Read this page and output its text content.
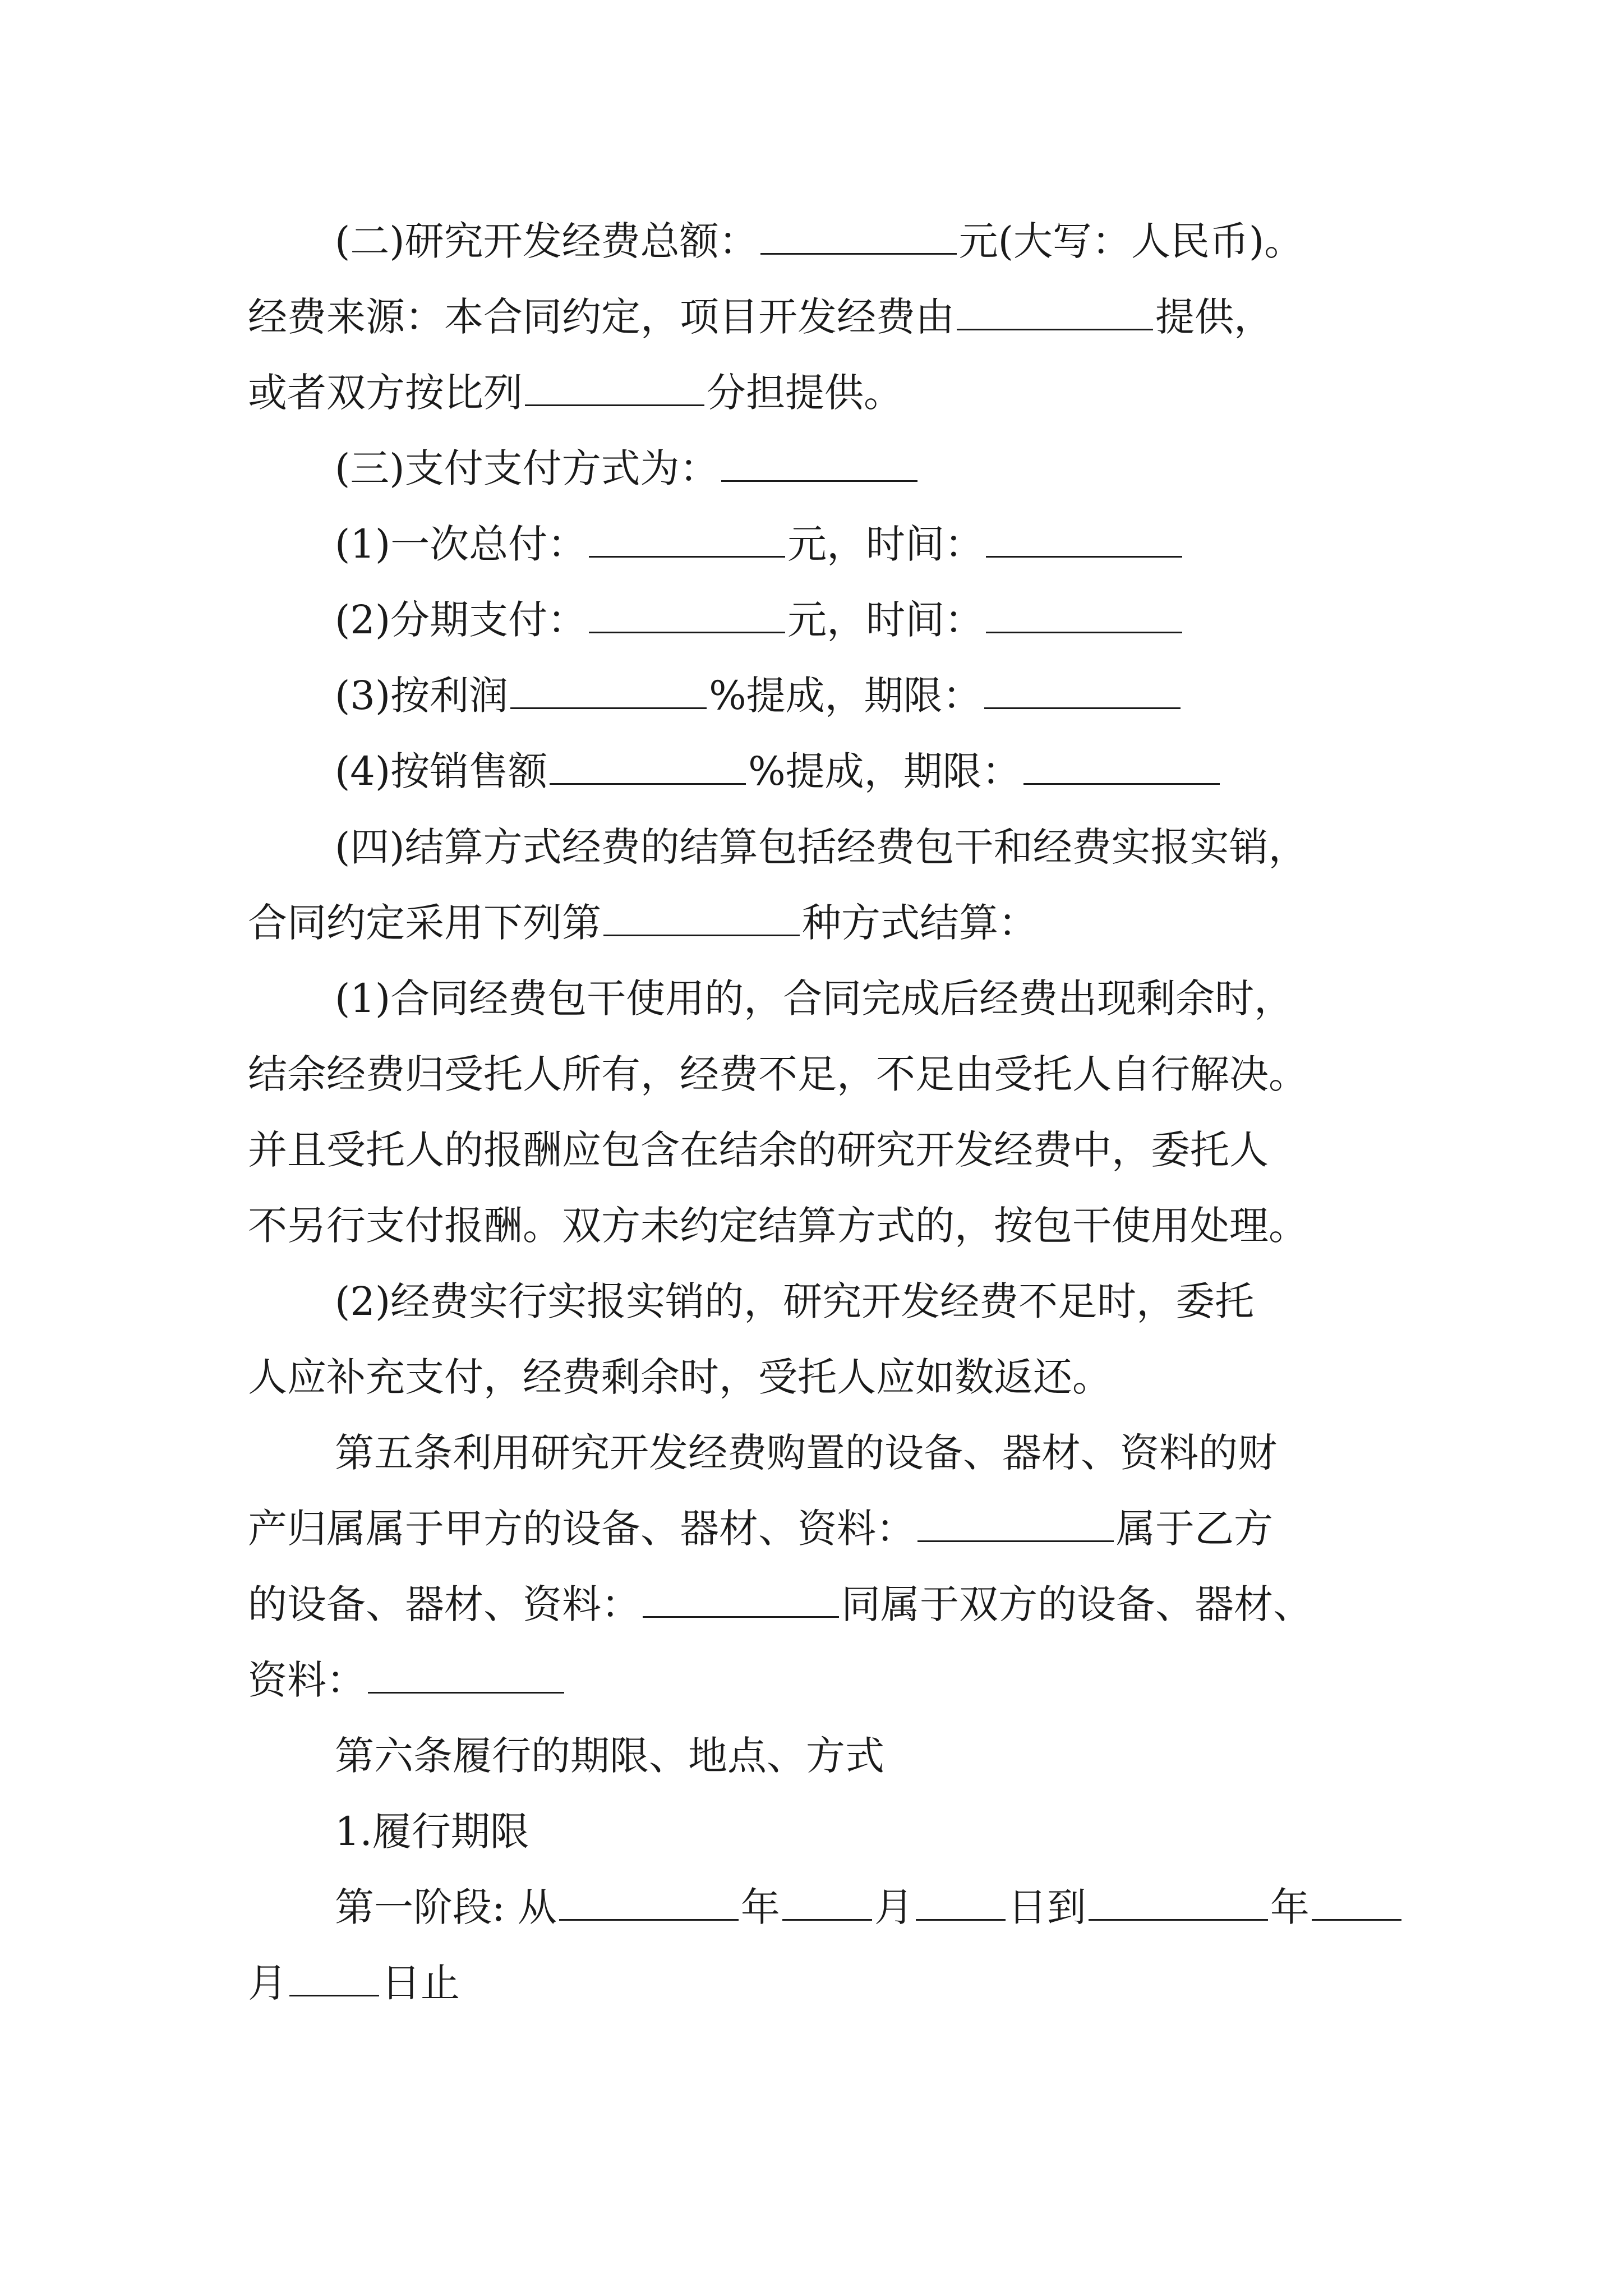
(二)研究开发经费总额：	元(大写：人民币)。
经费来源：本合同约定，项目开发经费由	提供，
或者双方按比列	分担提供。
(三)支付支付方式为：
(1)一次总付：	元，时间：
(2)分期支付：	元，时间：
(3)按利润	%提成，期限：
(4)按销售额	%提成，期限：
(四)结算方式经费的结算包括经费包干和经费实报实销，
合同约定采用下列第	种方式结算：
(1)合同经费包干使用的，合同完成后经费出现剩余时，
结余经费归受托人所有，经费不足，不足由受托人自行解决。
并且受托人的报酬应包含在结余的研究开发经费中，委托人
不另行支付报酬。双方未约定结算方式的，按包干使用处理。
(2)经费实行实报实销的，研究开发经费不足时，委托
人应补充支付，经费剩余时，受托人应如数返还。
第五条利用研究开发经费购置的设备、器材、资料的财
产归属属于甲方的设备、器材、资料：	属于乙方
的设备、器材、资料：	同属于双方的设备、器材、
资料：
第六条履行的期限、地点、方式
1.履行期限
第一阶段: 从	年 月 日到	年
月 日止
